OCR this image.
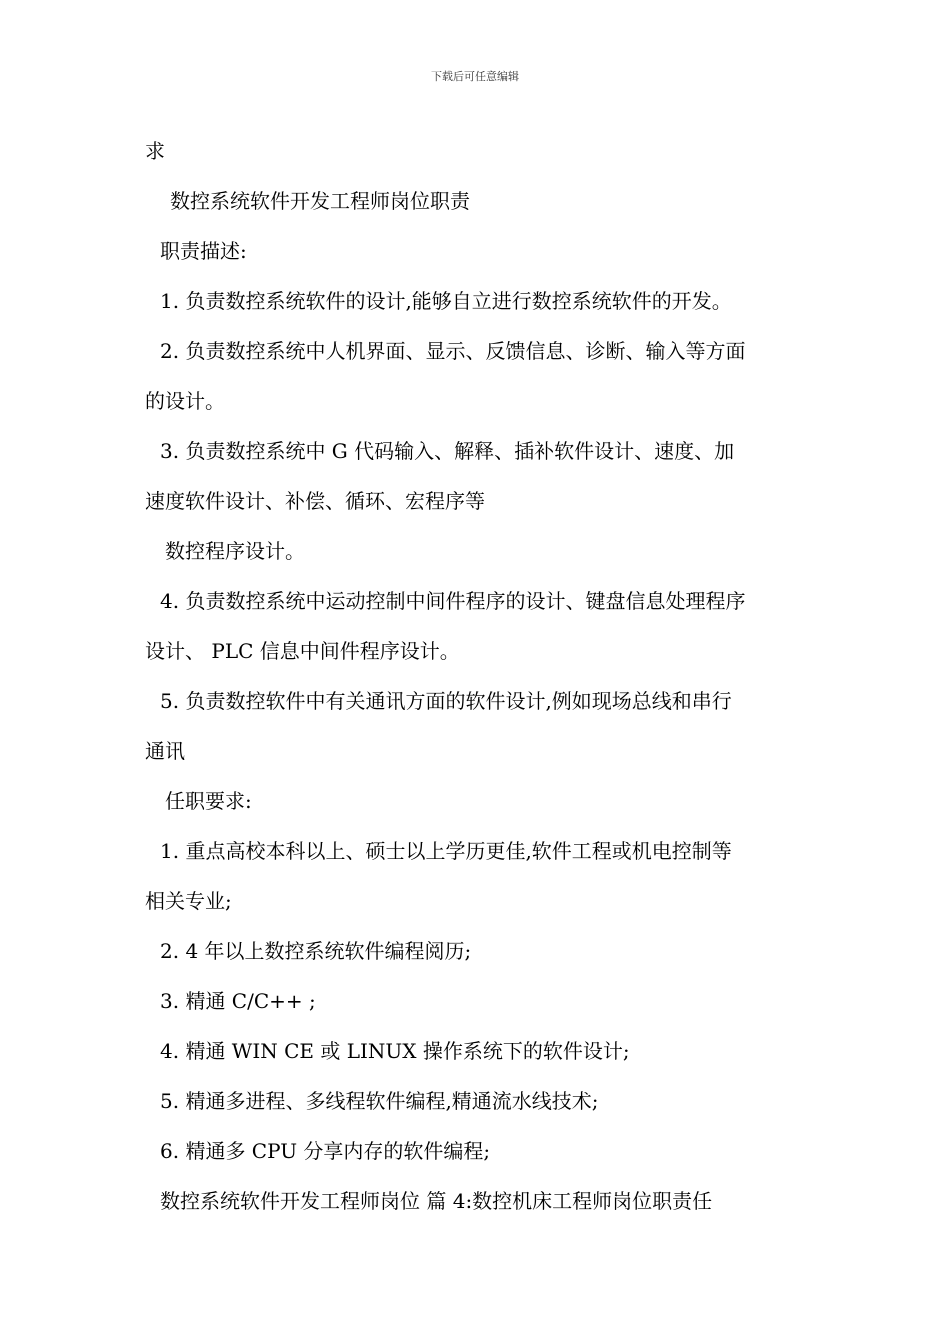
下载后可任意编辑
求
数控系统软件开发工程师岗位职责
职责描述:
1. 负责数控系统软件的设计,能够自立进行数控系统软件的开发。
2. 负责数控系统中人机界面、显示、反馈信息、诊断、输入等方面
的设计。
3. 负责数控系统中 G 代码输入、解释、插补软件设计、速度、加
速度软件设计、补偿、循环、宏程序等
数控程序设计。
4. 负责数控系统中运动控制中间件程序的设计、键盘信息处理程序
设计、 PLC 信息中间件程序设计。
5. 负责数控软件中有关通讯方面的软件设计,例如现场总线和串行
通讯
任职要求:
1. 重点高校本科以上、硕士以上学历更佳,软件工程或机电控制等
相关专业;
2. 4 年以上数控系统软件编程阅历;
3. 精通 C/C++ ;
4. 精通 WIN CE 或 LINUX 操作系统下的软件设计;
5. 精通多进程、多线程软件编程,精通流水线技术;
6. 精通多 CPU 分享内存的软件编程;
数控系统软件开发工程师岗位 篇 4:数控机床工程师岗位职责任
